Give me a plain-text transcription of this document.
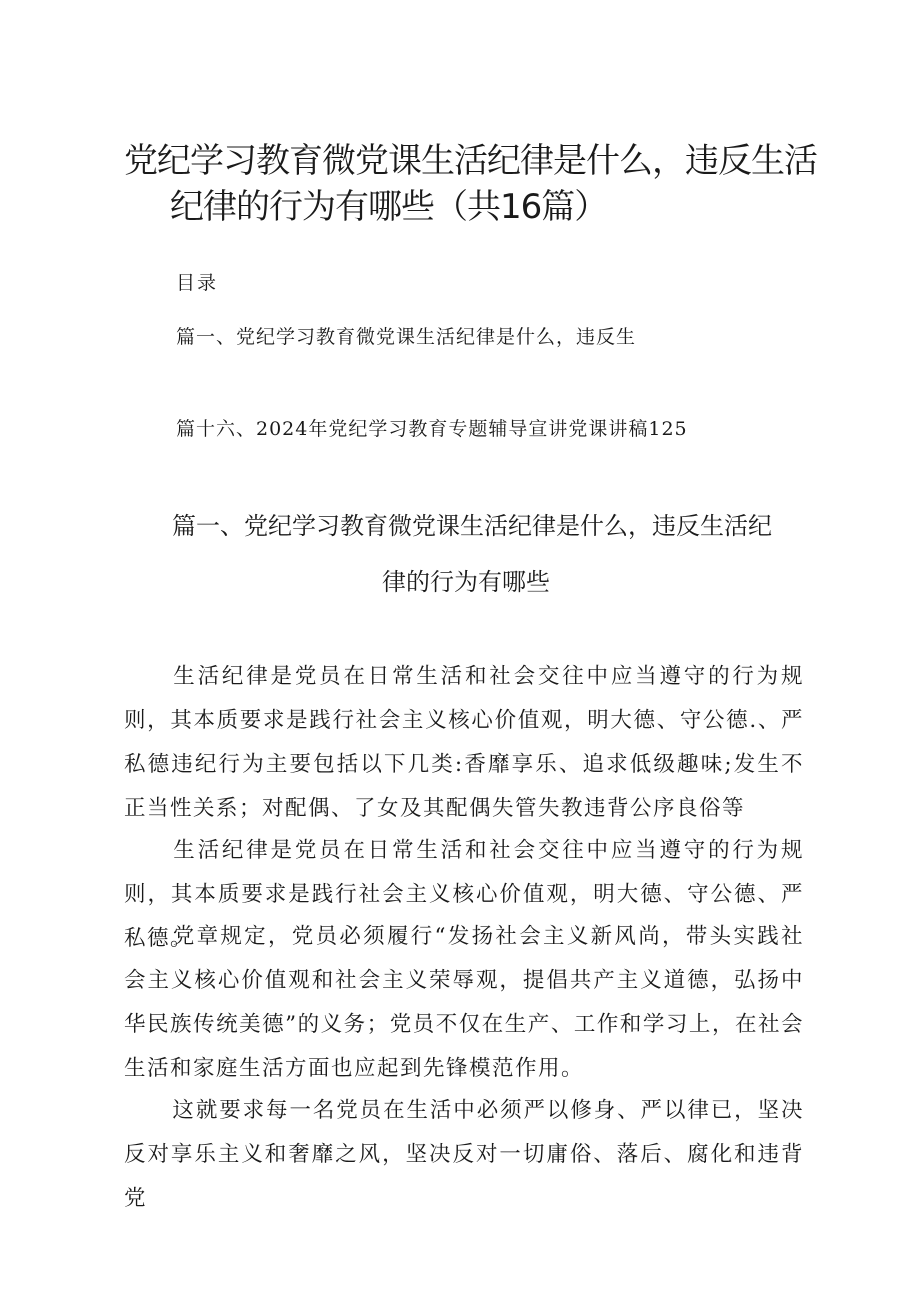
党纪学习教育微党课生活纪律是什么，违反生活
纪律的行为有哪些（共16篇）
目录
篇一、党纪学习教育微党课生活纪律是什么，违反生
篇十六、2024年党纪学习教育专题辅导宣讲党课讲稿125
篇一、党纪学习教育微党课生活纪律是什么，违反生活纪
律的行为有哪些

生活纪律是党员在日常生活和社会交往中应当遵守的行为规则，其本质要求是践行社会主义核心价值观，明大德、守公德.、严私德违纪行为主要包括以下几类:香靡享乐、追求低级趣味;发生不正当性关系；对配偶、了女及其配偶失管失教违背公序良俗等

生活纪律是党员在日常生活和社会交往中应当遵守的行为规则，其本质要求是践行社会主义核心价值观，明大德、守公德、严私德。

党章规定，党员必须履行“发扬社会主义新风尚，带头实践社会主义核心价值观和社会主义荣辱观，提倡共产主义道德，弘扬中华民族传统美德”的义务；党员不仅在生产、工作和学习上，在社会生活和家庭生活方面也应起到先锋模范作用。

这就要求每一名党员在生活中必须严以修身、严以律已，坚决反对享乐主义和奢靡之风，坚决反对一切庸俗、落后、腐化和违背党
